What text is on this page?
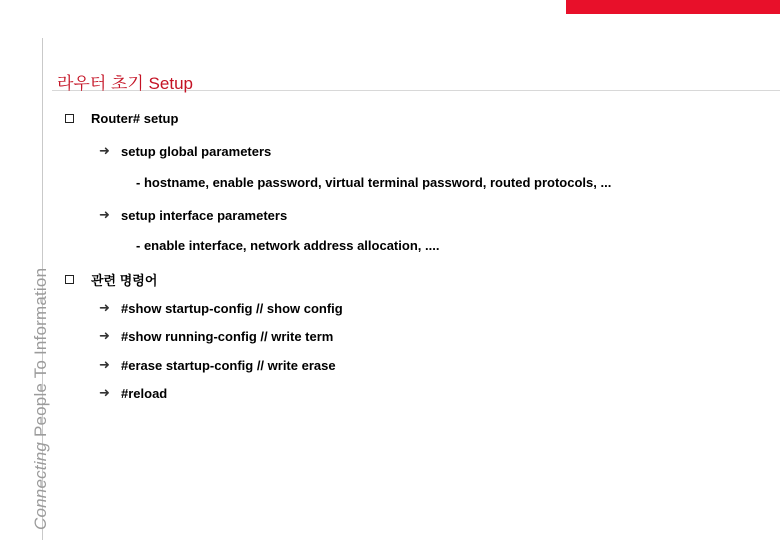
Connecting People To Information
라우터 초기 Setup
Router# setup
➜ setup global parameters
- hostname, enable password, virtual terminal password, routed protocols, ...
➜ setup interface parameters
- enable interface, network address allocation, ....
관련 명령어
➜ #show startup-config // show config
➜ #show running-config // write term
➜ #erase startup-config // write erase
➜ #reload
